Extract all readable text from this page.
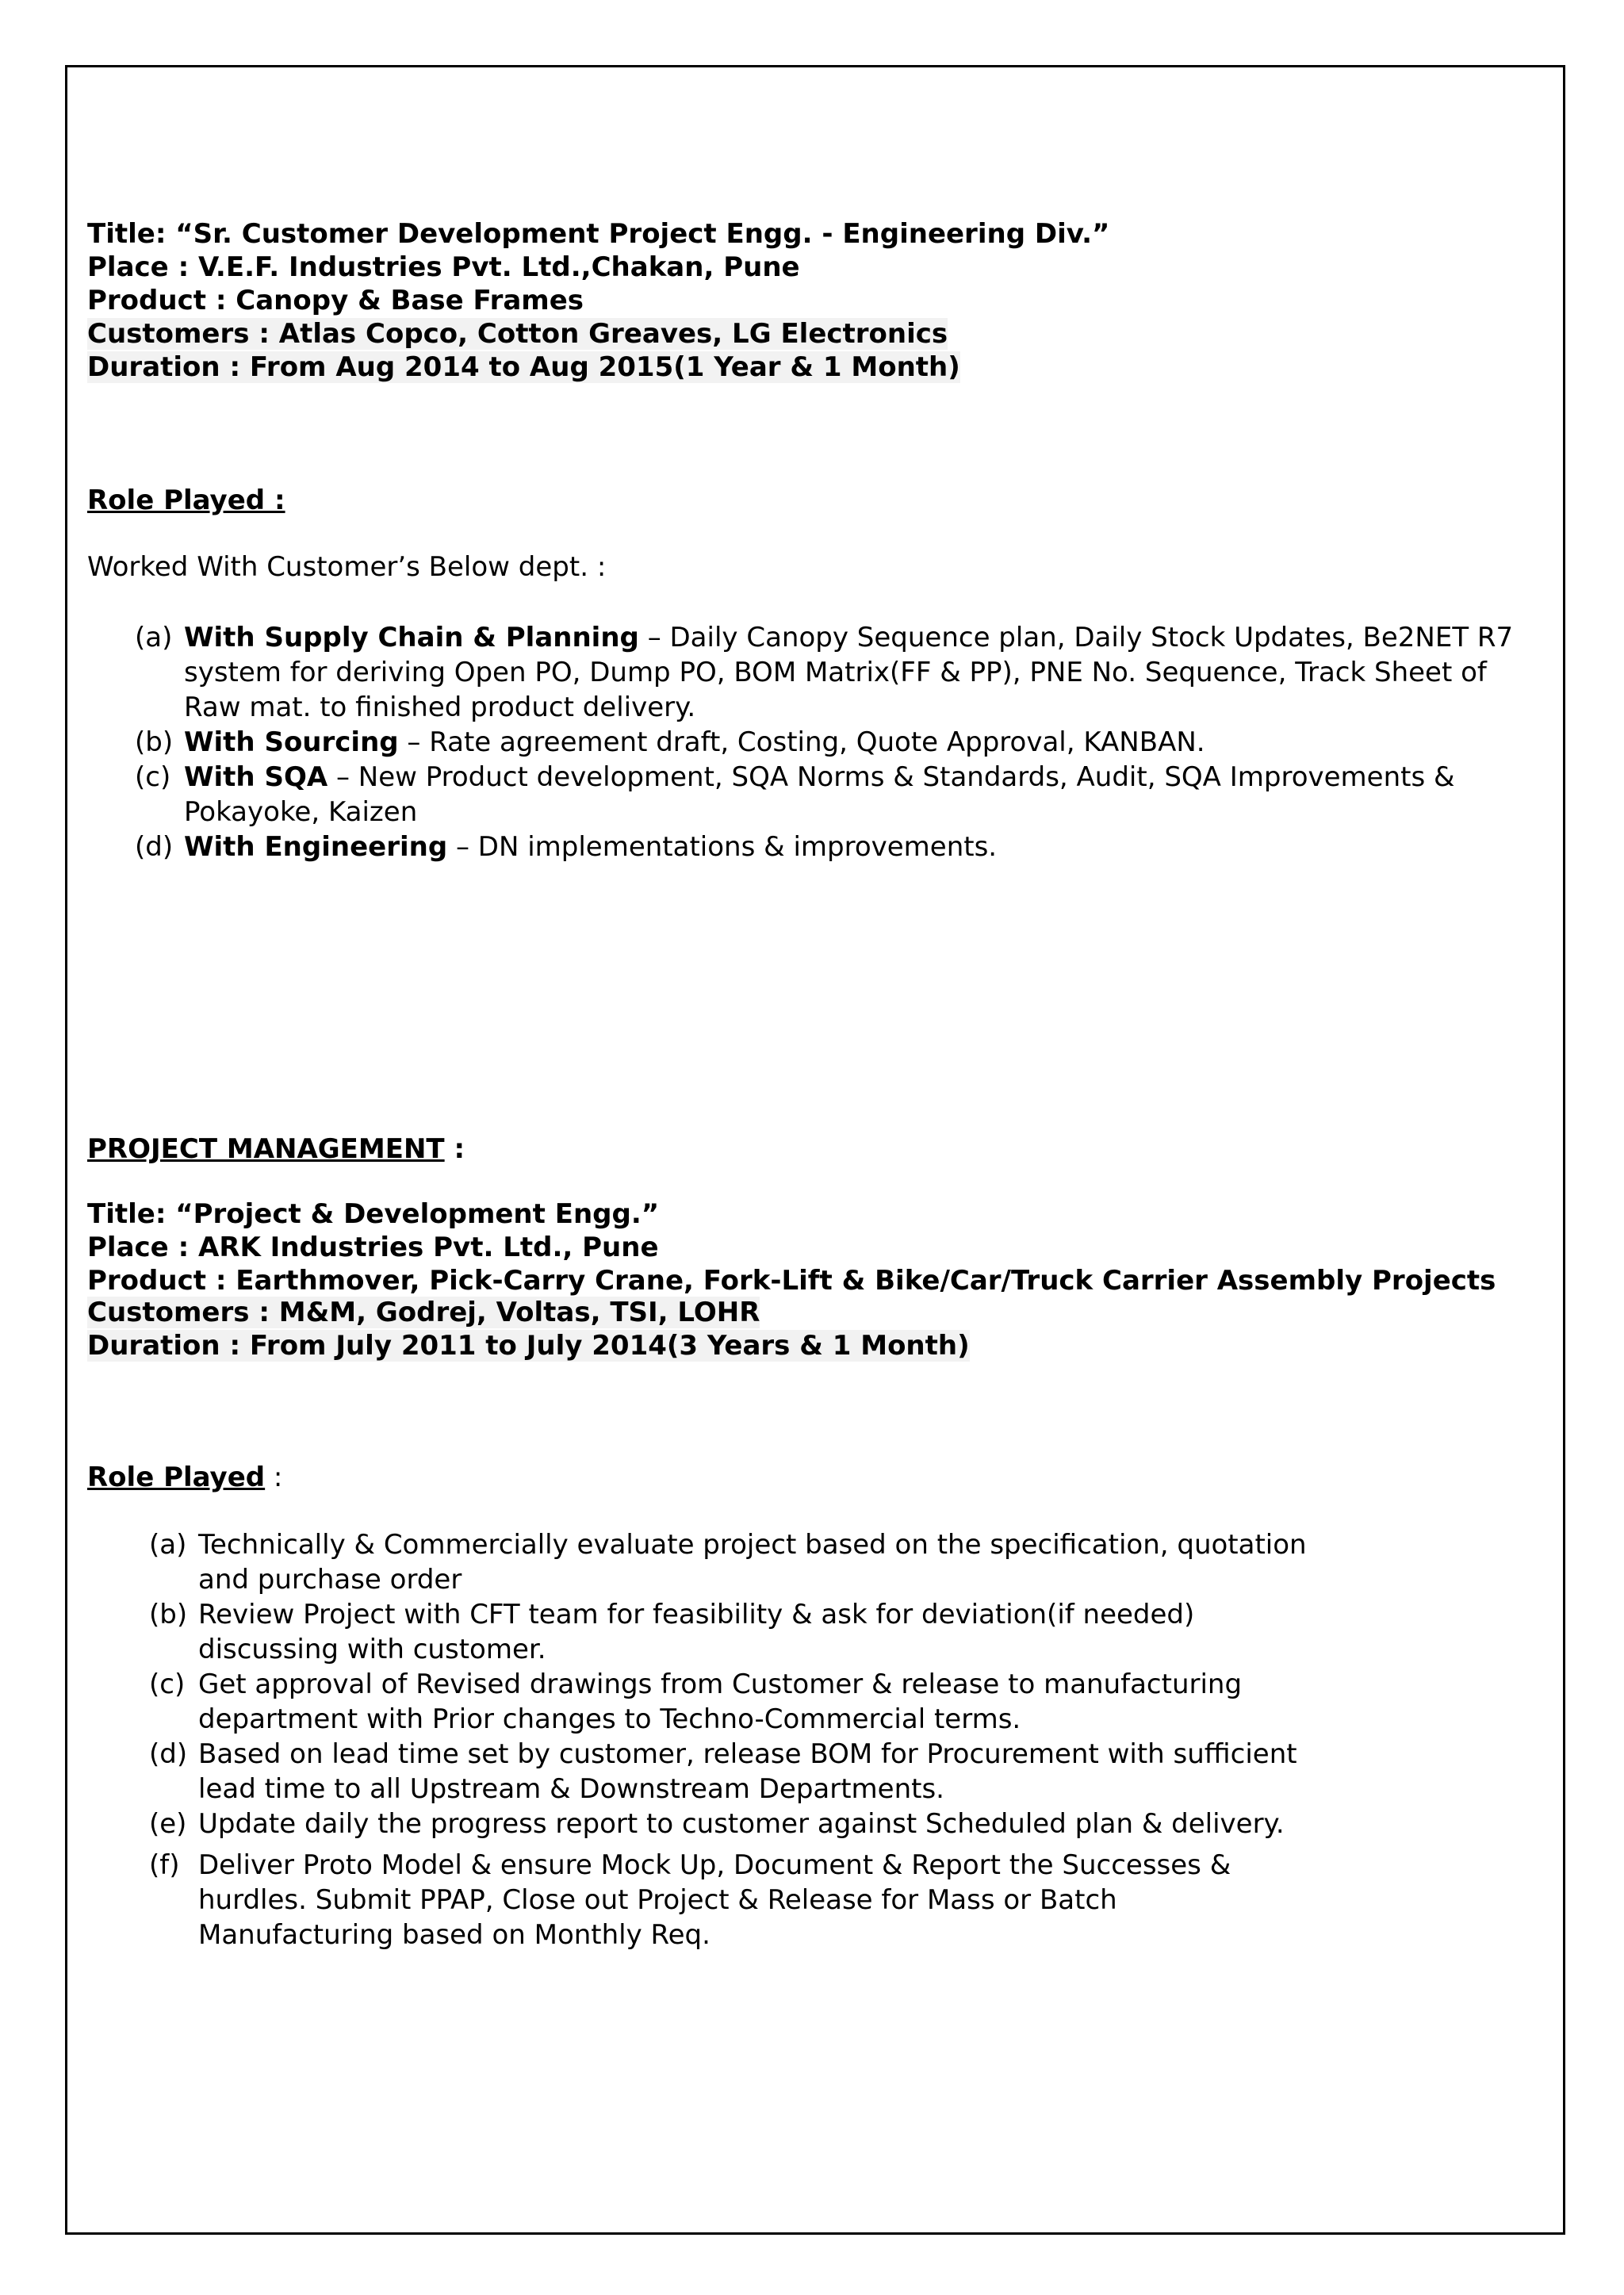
Title: “Sr. Customer Development Project Engg. - Engineering Div.”
Place : V.E.F. Industries Pvt. Ltd.,Chakan, Pune
Product : Canopy & Base Frames
Customers : Atlas Copco, Cotton Greaves, LG Electronics
Duration : From Aug 2014 to Aug 2015(1 Year & 1 Month)
Role Played :
Worked With Customer’s Below dept. :
(a) With Supply Chain & Planning – Daily Canopy Sequence plan, Daily Stock Updates, Be2NET R7
system for deriving Open PO, Dump PO, BOM Matrix(FF & PP), PNE No. Sequence, Track Sheet of
Raw mat. to finished product delivery.
(b) With Sourcing – Rate agreement draft, Costing, Quote Approval, KANBAN.
(c) With SQA – New Product development, SQA Norms & Standards, Audit, SQA Improvements &
Pokayoke, Kaizen
(d) With Engineering – DN implementations & improvements.
PROJECT MANAGEMENT :
Title: “Project & Development Engg.”
Place : ARK Industries Pvt. Ltd., Pune
Product : Earthmover, Pick-Carry Crane, Fork-Lift & Bike/Car/Truck Carrier Assembly Projects
Customers : M&M, Godrej, Voltas, TSI, LOHR
Duration : From July 2011 to July 2014(3 Years & 1 Month)
Role Played :
(a) Technically & Commercially evaluate project based on the specification, quotation
and purchase order
(b) Review Project with CFT team for feasibility & ask for deviation(if needed)
discussing with customer.
(c) Get approval of Revised drawings from Customer & release to manufacturing
department with Prior changes to Techno-Commercial terms.
(d) Based on lead time set by customer, release BOM for Procurement with sufficient
lead time to all Upstream & Downstream Departments.
(e) Update daily the progress report to customer against Scheduled plan & delivery.
(f) Deliver Proto Model & ensure Mock Up, Document & Report the Successes &
hurdles. Submit PPAP, Close out Project & Release for Mass or Batch
Manufacturing based on Monthly Req.
